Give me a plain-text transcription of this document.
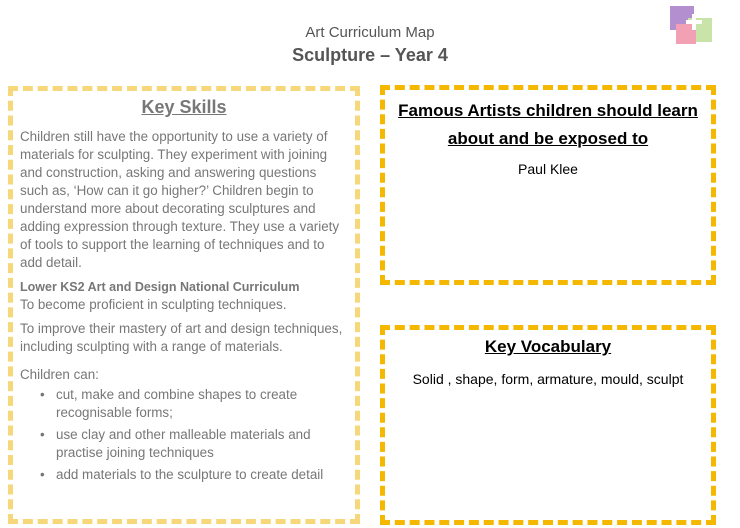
Art Curriculum Map
Sculpture – Year 4
Key Skills

Children still have the opportunity to use a variety of materials for sculpting. They experiment with joining and construction, asking and answering questions such as, ‘How can it go higher?’ Children begin to understand more about decorating sculptures and adding expression through texture. They use a variety of tools to support the learning of techniques and to add detail.

Lower KS2 Art and Design National Curriculum

To become proficient in sculpting techniques.

To improve their mastery of art and design techniques, including sculpting with a range of materials.

Children can:

• cut, make and combine shapes to create recognisable forms;
• use clay and other malleable materials and practise joining techniques
• add materials to the sculpture to create detail
Famous Artists children should learn about and be exposed to
Paul Klee
Key Vocabulary
Solid , shape, form, armature, mould, sculpt
